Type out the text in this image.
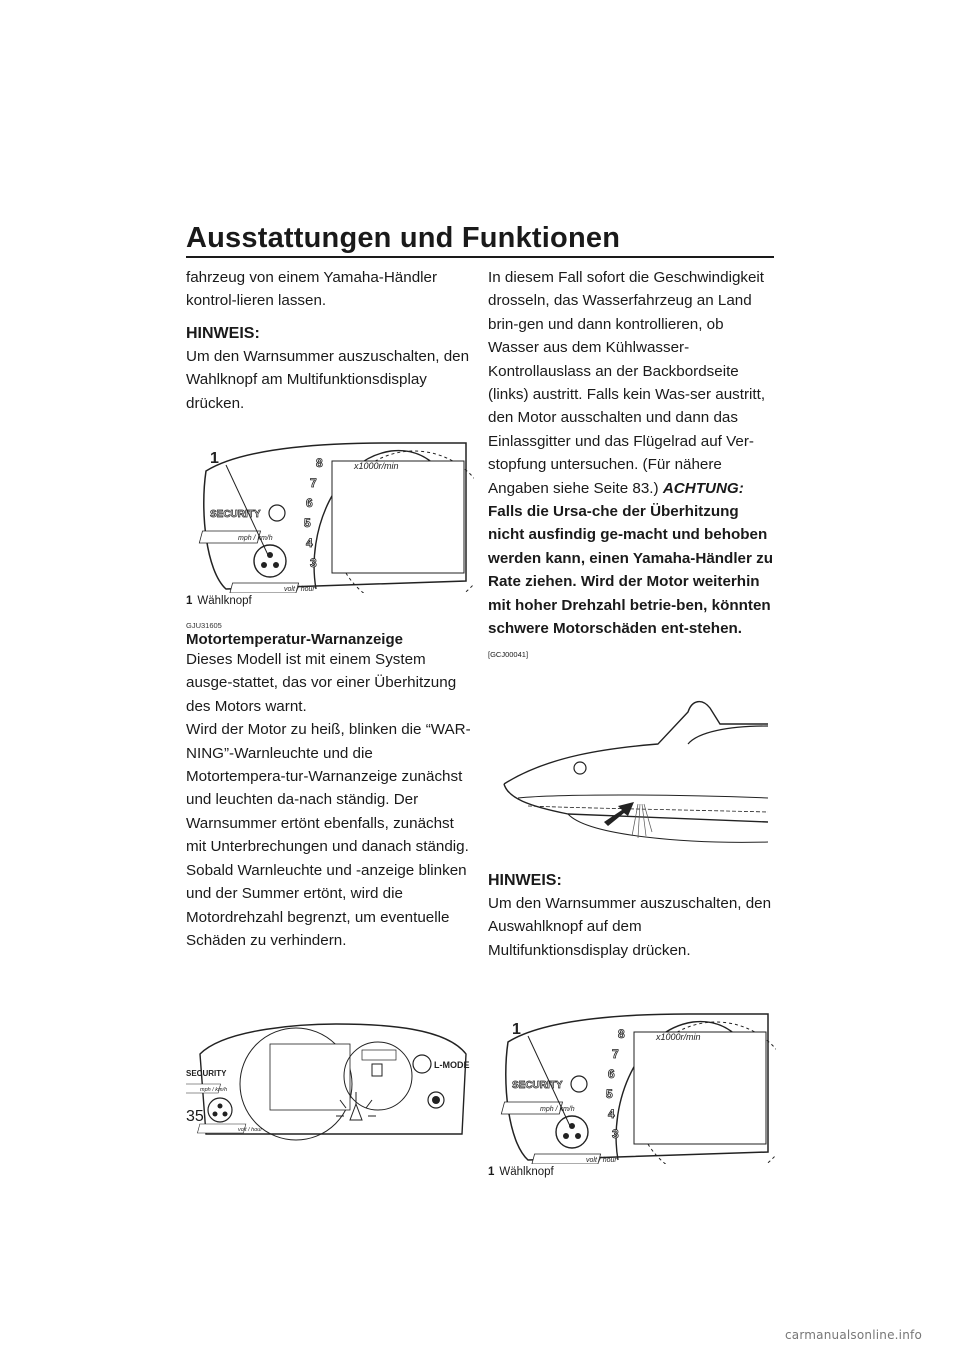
Ausstattungen und Funktionen

fahrzeug von einem Yamaha-Händler kontrol-lieren lassen.

HINWEIS:

Um den Warnsummer auszuschalten, den Wahlknopf am Multifunktionsdisplay drücken.

8
7
6
5
4
3
x1000r/min
SECURITY
mph / km/h
volt / hour
1
1 Wählknopf
GJU31605
Motortemperatur-Warnanzeige

Dieses Modell ist mit einem System ausge-stattet, das vor einer Überhitzung des Motors warnt.

Wird der Motor zu heiß, blinken die “WAR-NING”-Warnleuchte und die Motortempera-tur-Warnanzeige zunächst und leuchten da-nach ständig. Der Warnsummer ertönt ebenfalls, zunächst mit Unterbrechungen und danach ständig. Sobald Warnleuchte und -anzeige blinken und der Summer ertönt, wird die Motordrehzahl begrenzt, um eventuelle Schäden zu verhindern.

SECURITY
mph / km/h
volt / hour
L-MODE

In diesem Fall sofort die Geschwindigkeit drosseln, das Wasserfahrzeug an Land brin-gen und dann kontrollieren, ob Wasser aus dem Kühlwasser-Kontrollauslass an der Backbordseite (links) austritt. Falls kein Was-ser austritt, den Motor ausschalten und dann das Einlassgitter und das Flügelrad auf Ver-stopfung untersuchen. (Für nähere Angaben siehe Seite 83.) ACHTUNG: Falls die Ursa-che der Überhitzung nicht ausfindig ge-macht und behoben werden kann, einen Yamaha-Händler zu Rate ziehen. Wird der Motor weiterhin mit hoher Drehzahl betrie-ben, könnten schwere Motorschäden ent-stehen. [GCJ00041]

HINWEIS:

Um den Warnsummer auszuschalten, den Auswahlknopf auf dem Multifunktionsdisplay drücken.

8
7
6
5
4
3
x1000r/min
SECURITY
mph / km/h
volt / hour
1
1 Wählknopf
35
carmanualsonline.info
